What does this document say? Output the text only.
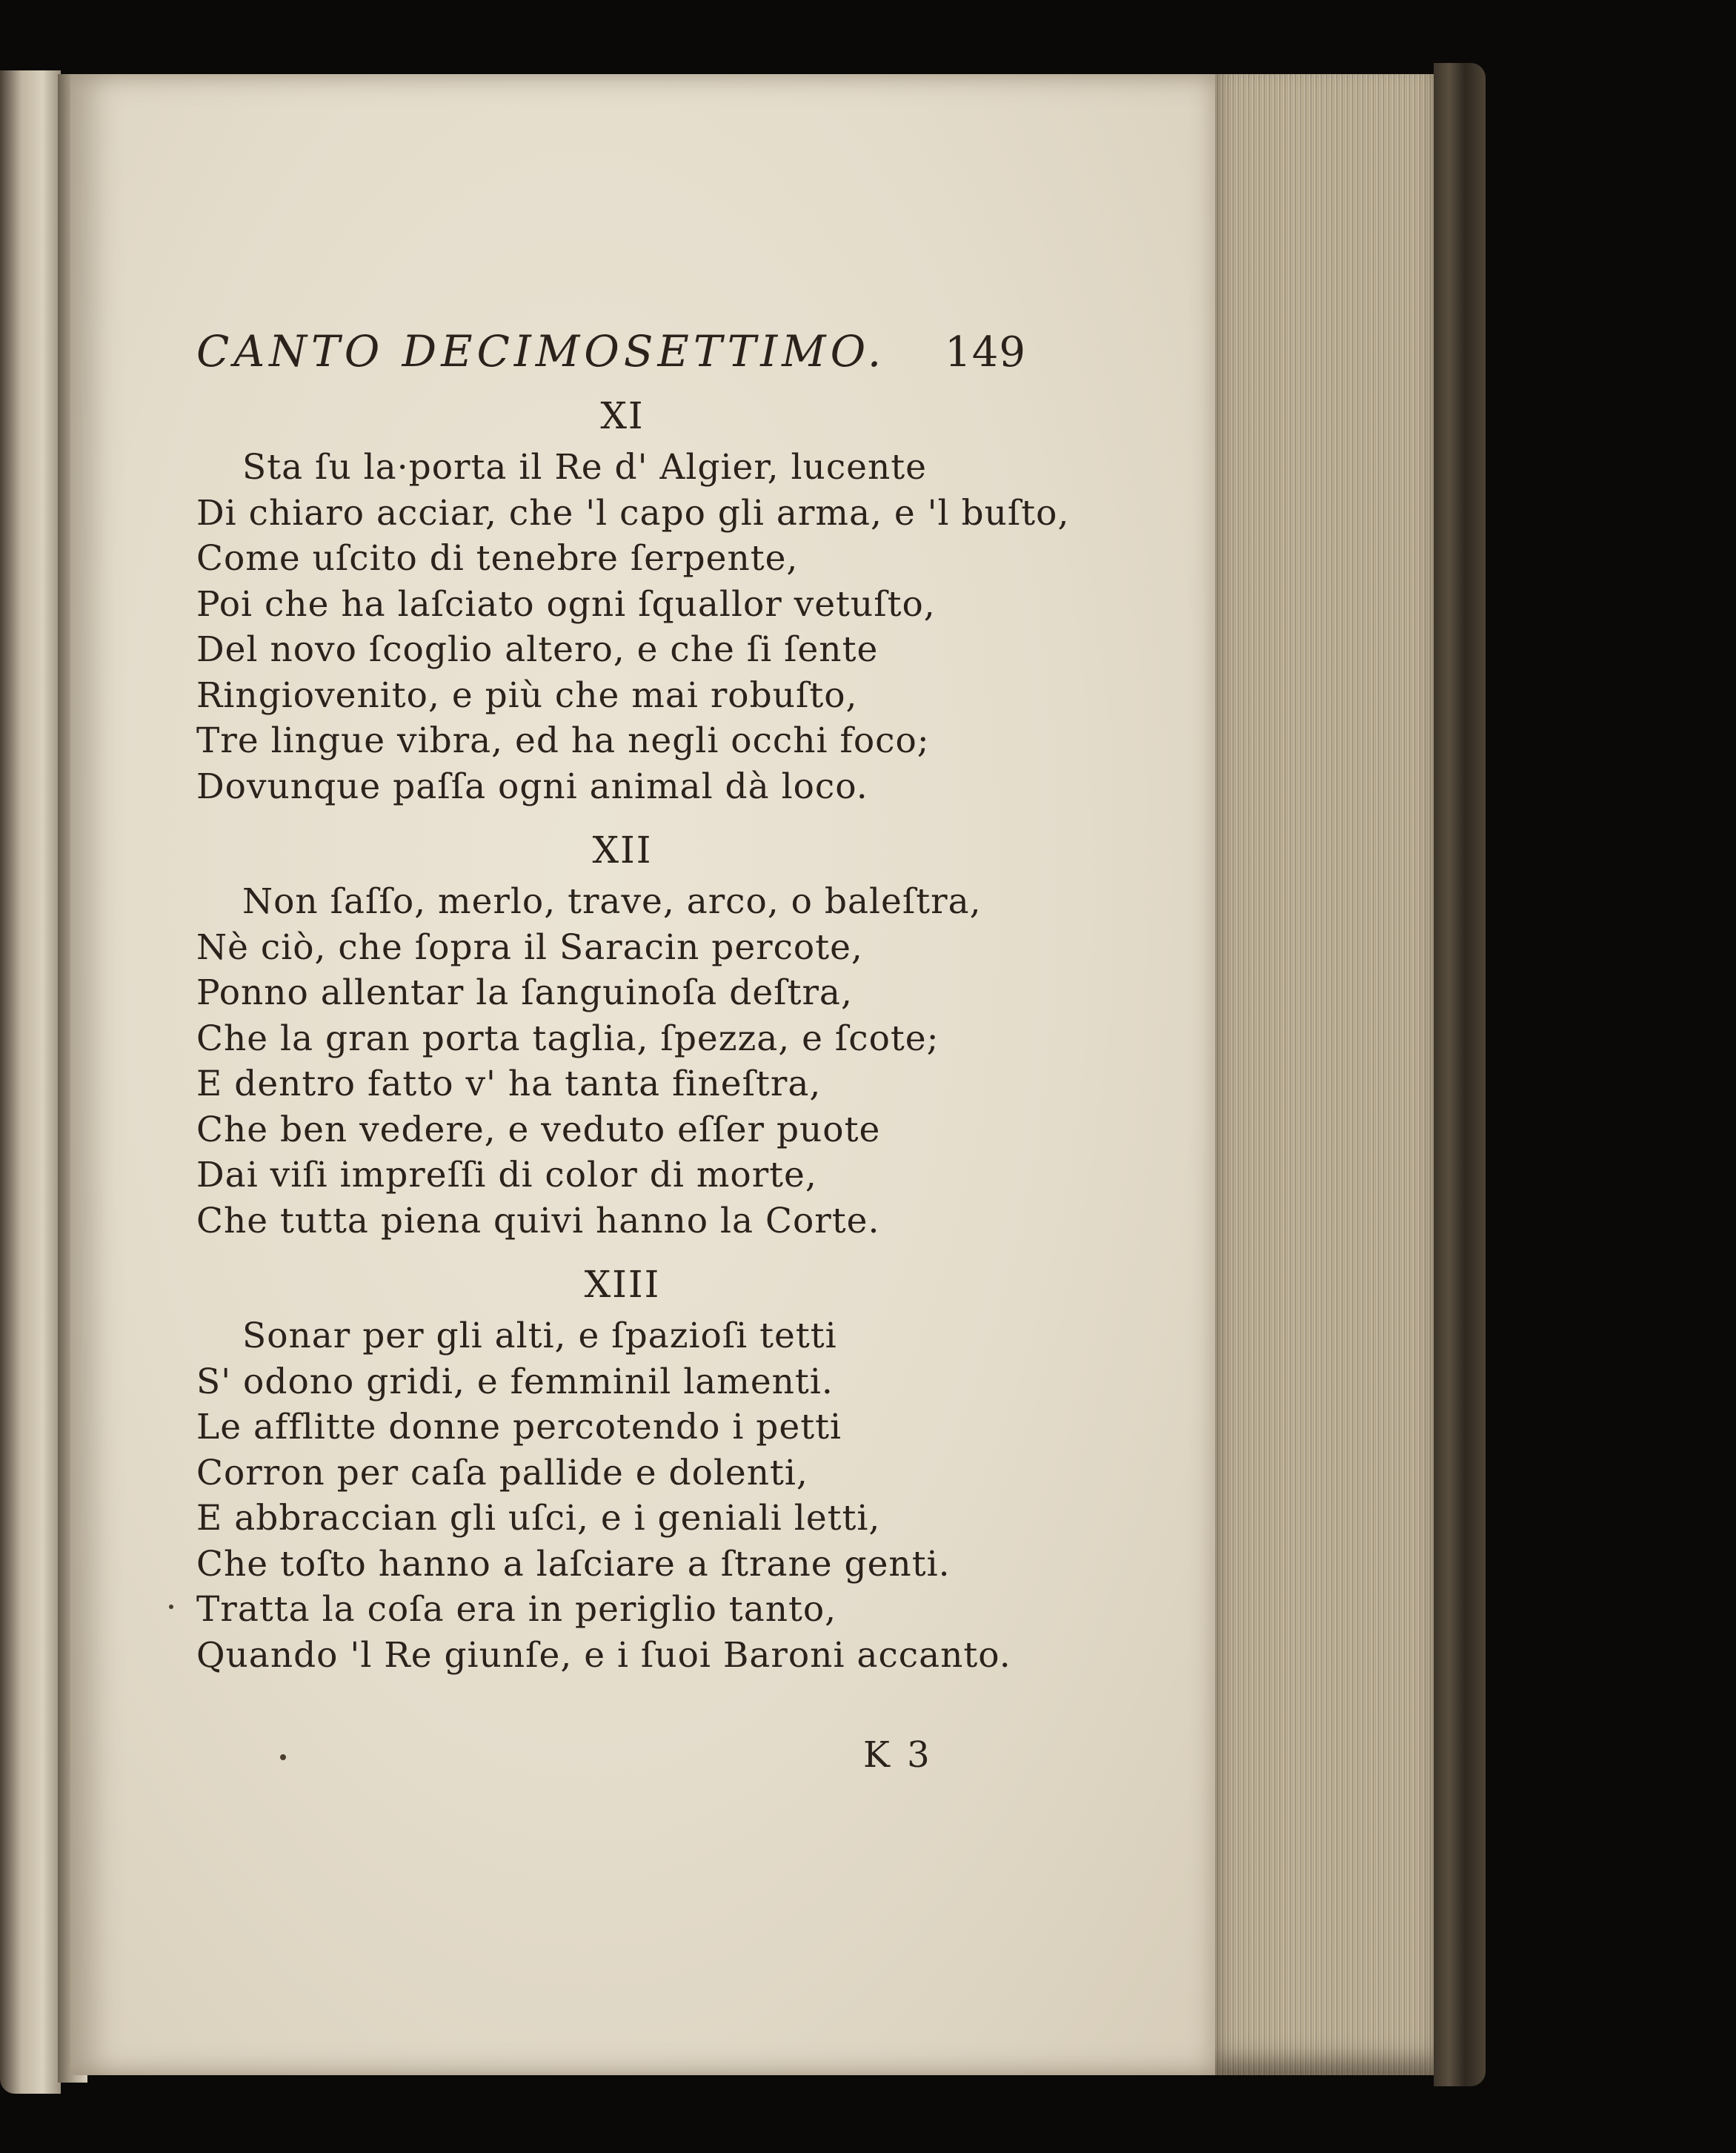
CANTO DECIMOSETTIMO. 149
XI
Sta ſu la·porta il Re d' Algier, lucente
Di chiaro acciar, che 'l capo gli arma, e 'l buſto,
Come uſcito di tenebre ſerpente,
Poi che ha laſciato ogni ſquallor vetuſto,
Del novo ſcoglio altero, e che ſi ſente
Ringiovenito, e più che mai robuſto,
Tre lingue vibra, ed ha negli occhi foco;
Dovunque paſſa ogni animal dà loco.
XII
Non ſaſſo, merlo, trave, arco, o baleſtra,
Nè ciò, che ſopra il Saracin percote,
Ponno allentar la ſanguinoſa deſtra,
Che la gran porta taglia, ſpezza, e ſcote;
E dentro fatto v' ha tanta fineſtra,
Che ben vedere, e veduto eſſer puote
Dai viſi impreſſi di color di morte,
Che tutta piena quivi hanno la Corte.
XIII
Sonar per gli alti, e ſpazioſi tetti
S' odono gridi, e femminil lamenti.
Le afflitte donne percotendo i petti
Corron per caſa pallide e dolenti,
E abbraccian gli uſci, e i geniali letti,
Che toſto hanno a laſciare a ſtrane genti.
Tratta la coſa era in periglio tanto,
Quando 'l Re giunſe, e i ſuoi Baroni accanto.
K 3
